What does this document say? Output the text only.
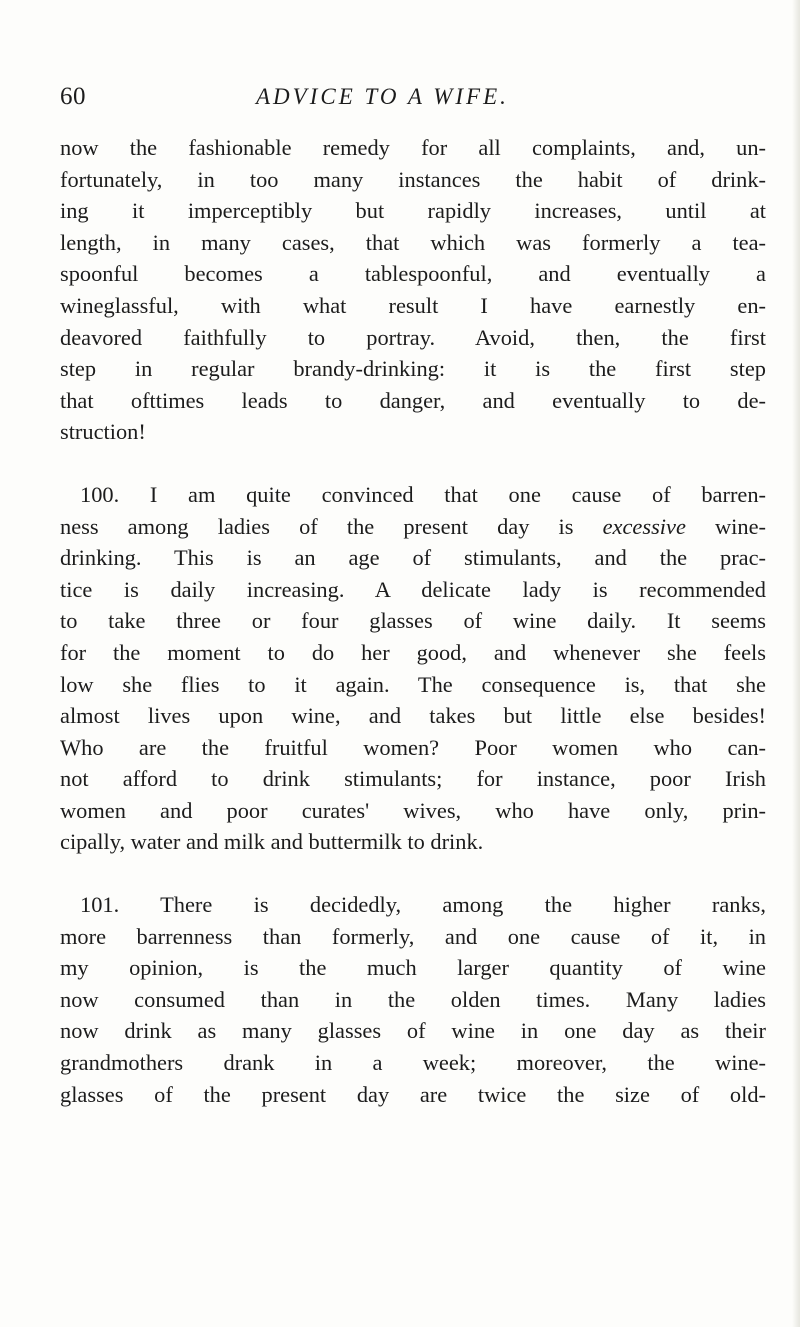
60	ADVICE TO A WIFE.
now the fashionable remedy for all complaints, and, un-
fortunately, in too many instances the habit of drink-
ing it imperceptibly but rapidly increases, until at
length, in many cases, that which was formerly a tea-
spoonful becomes a tablespoonful, and eventually a
wineglassful, with what result I have earnestly en-
deavored faithfully to portray. Avoid, then, the first
step in regular brandy-drinking: it is the first step
that ofttimes leads to danger, and eventually to de-
struction!
100. I am quite convinced that one cause of barren-
ness among ladies of the present day is excessive wine-
drinking. This is an age of stimulants, and the prac-
tice is daily increasing. A delicate lady is recommended
to take three or four glasses of wine daily. It seems
for the moment to do her good, and whenever she feels
low she flies to it again. The consequence is, that she
almost lives upon wine, and takes but little else besides!
Who are the fruitful women? Poor women who can-
not afford to drink stimulants; for instance, poor Irish
women and poor curates' wives, who have only, prin-
cipally, water and milk and buttermilk to drink.
101. There is decidedly, among the higher ranks,
more barrenness than formerly, and one cause of it, in
my opinion, is the much larger quantity of wine
now consumed than in the olden times. Many ladies
now drink as many glasses of wine in one day as their
grandmothers drank in a week; moreover, the wine-
glasses of the present day are twice the size of old-
